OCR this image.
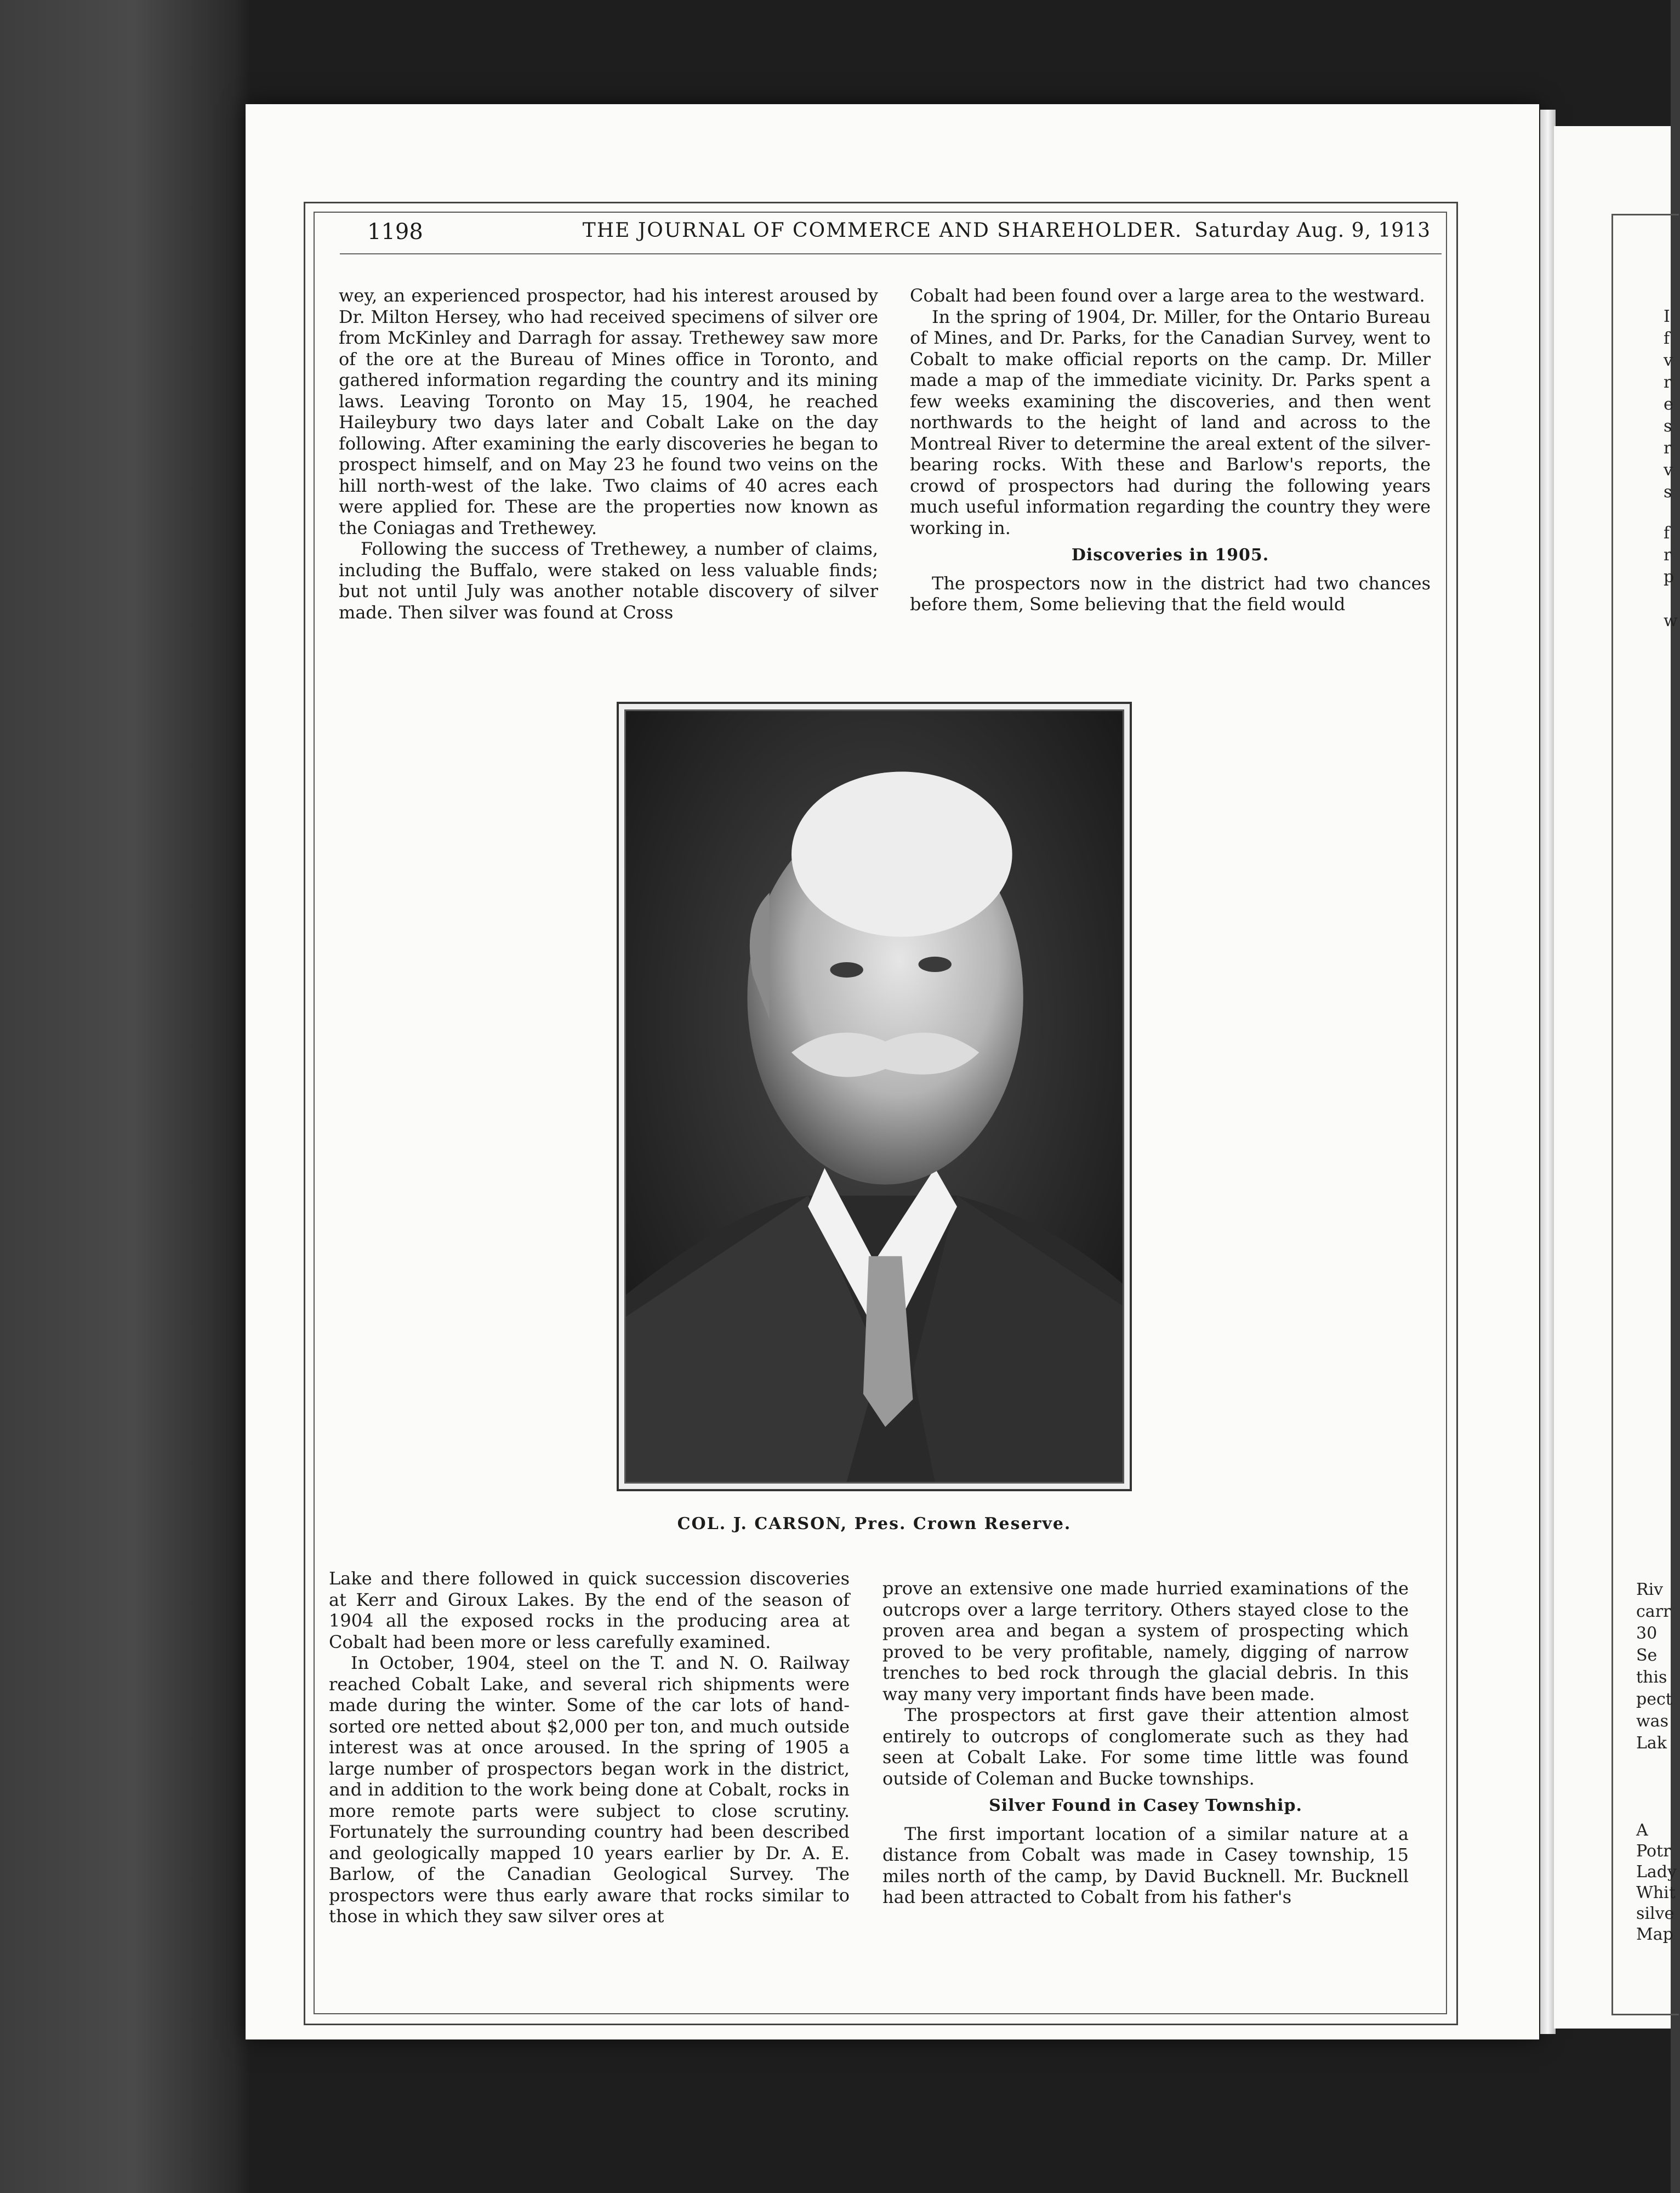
1198	THE JOURNAL OF COMMERCE AND SHAREHOLDER. Saturday Aug. 9, 1913

wey, an experienced prospector, had his interest aroused by Dr. Milton Hersey, who had received specimens of silver ore from McKinley and Darragh for assay. Trethewey saw more of the ore at the Bureau of Mines office in Toronto, and gathered information regarding the country and its mining laws. Leaving Toronto on May 15, 1904, he reached Haileybury two days later and Cobalt Lake on the day following. After examining the early discoveries he began to prospect himself, and on May 23 he found two veins on the hill north-west of the lake. Two claims of 40 acres each were applied for. These are the properties now known as the Coniagas and Trethewey.

Following the success of Trethewey, a number of claims, including the Buffalo, were staked on less valuable finds; but not until July was another notable discovery of silver made. Then silver was found at Cross

Cobalt had been found over a large area to the westward.

In the spring of 1904, Dr. Miller, for the Ontario Bureau of Mines, and Dr. Parks, for the Canadian Survey, went to Cobalt to make official reports on the camp. Dr. Miller made a map of the immediate vicinity. Dr. Parks spent a few weeks examining the discoveries, and then went northwards to the height of land and across to the Montreal River to determine the areal extent of the silver-bearing rocks. With these and Barlow's reports, the crowd of prospectors had during the following years much useful information regarding the country they were working in.

Discoveries in 1905.

The prospectors now in the district had two chances before them, Some believing that the field would

COL. J. CARSON, Pres. Crown Reserve.

Lake and there followed in quick succession discoveries at Kerr and Giroux Lakes. By the end of the season of 1904 all the exposed rocks in the producing area at Cobalt had been more or less carefully examined.

In October, 1904, steel on the T. and N. O. Railway reached Cobalt Lake, and several rich shipments were made during the winter. Some of the car lots of hand-sorted ore netted about $2,000 per ton, and much outside interest was at once aroused. In the spring of 1905 a large number of prospectors began work in the district, and in addition to the work being done at Cobalt, rocks in more remote parts were subject to close scrutiny. Fortunately the surrounding country had been described and geologically mapped 10 years earlier by Dr. A. E. Barlow, of the Canadian Geological Survey. The prospectors were thus early aware that rocks similar to those in which they saw silver ores at

prove an extensive one made hurried examinations of the outcrops over a large territory. Others stayed close to the proven area and began a system of prospecting which proved to be very profitable, namely, digging of narrow trenches to bed rock through the glacial debris. In this way many very important finds have been made.

The prospectors at first gave their attention almost entirely to outcrops of conglomerate such as they had seen at Cobalt Lake. For some time little was found outside of Coleman and Bucke townships.

Silver Found in Casey Township.

The first important location of a similar nature at a distance from Cobalt was made in Casey township, 15 miles north of the camp, by David Bucknell. Mr. Bucknell had been attracted to Cobalt from his father's

Riv
carr
30
Se
this
pect
was
Lak
A
Potr
Lady
Whit
silve
Map
I
f
v
r
e
s
r
v
s
f
r
p
w
